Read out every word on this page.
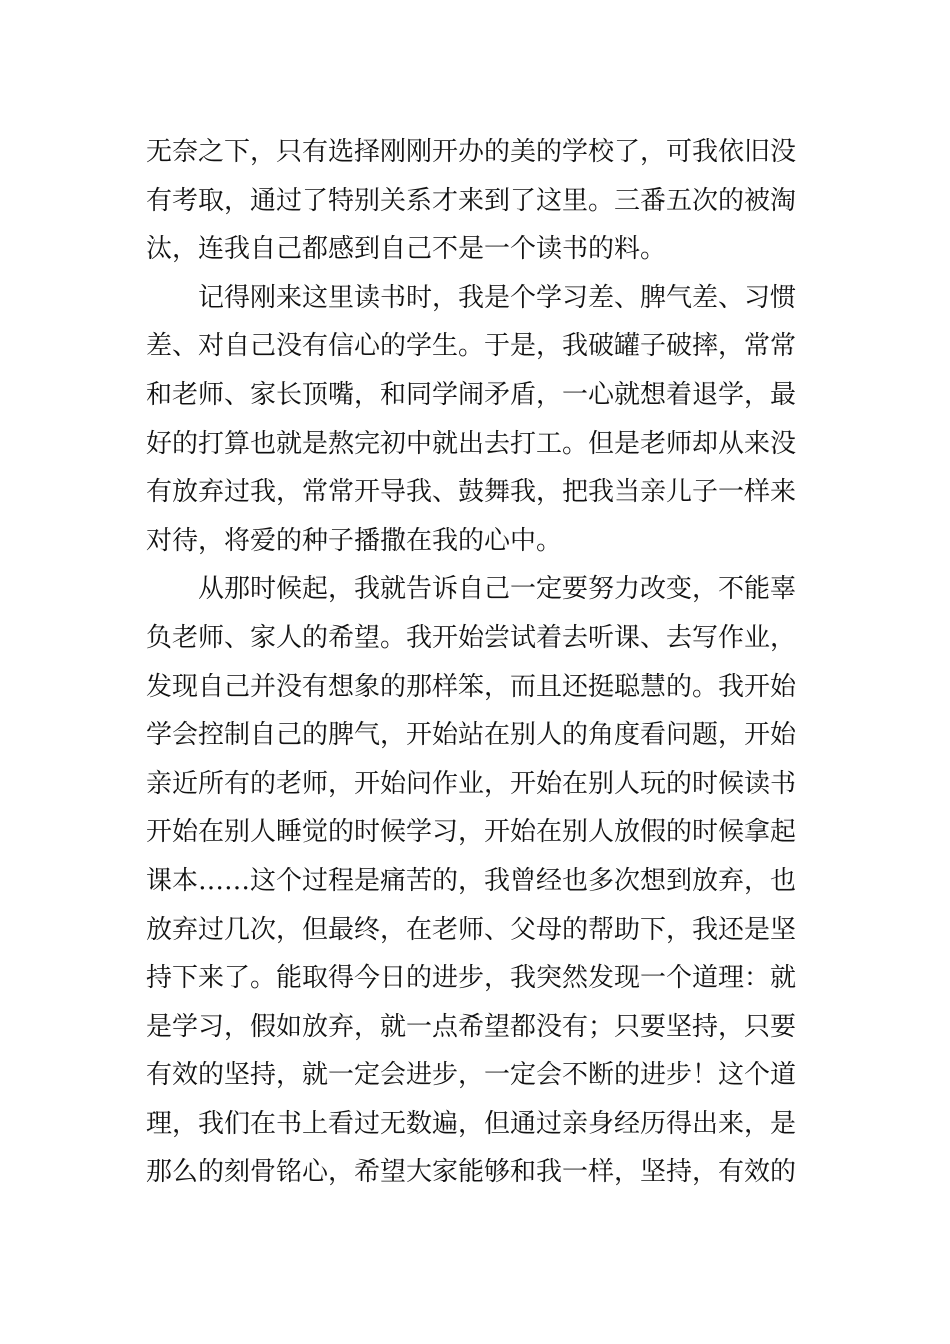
无奈之下，只有选择刚刚开办的美的学校了，可我依旧没
有考取，通过了特别关系才来到了这里。三番五次的被淘
汰，连我自己都感到自己不是一个读书的料。
记得刚来这里读书时，我是个学习差、脾气差、习惯
差、对自己没有信心的学生。于是，我破罐子破摔，常常
和老师、家长顶嘴，和同学闹矛盾，一心就想着退学，最
好的打算也就是熬完初中就出去打工。但是老师却从来没
有放弃过我，常常开导我、鼓舞我，把我当亲儿子一样来
对待，将爱的种子播撒在我的心中。
从那时候起，我就告诉自己一定要努力改变，不能辜
负老师、家人的希望。我开始尝试着去听课、去写作业，
发现自己并没有想象的那样笨，而且还挺聪慧的。我开始
学会控制自己的脾气，开始站在别人的角度看问题，开始
亲近所有的老师，开始问作业，开始在别人玩的时候读书
开始在别人睡觉的时候学习，开始在别人放假的时候拿起
课本……这个过程是痛苦的，我曾经也多次想到放弃，也
放弃过几次，但最终，在老师、父母的帮助下，我还是坚
持下来了。能取得今日的进步，我突然发现一个道理：就
是学习，假如放弃，就一点希望都没有；只要坚持，只要
有效的坚持，就一定会进步，一定会不断的进步！这个道
理，我们在书上看过无数遍，但通过亲身经历得出来，是
那么的刻骨铭心，希望大家能够和我一样，坚持，有效的
